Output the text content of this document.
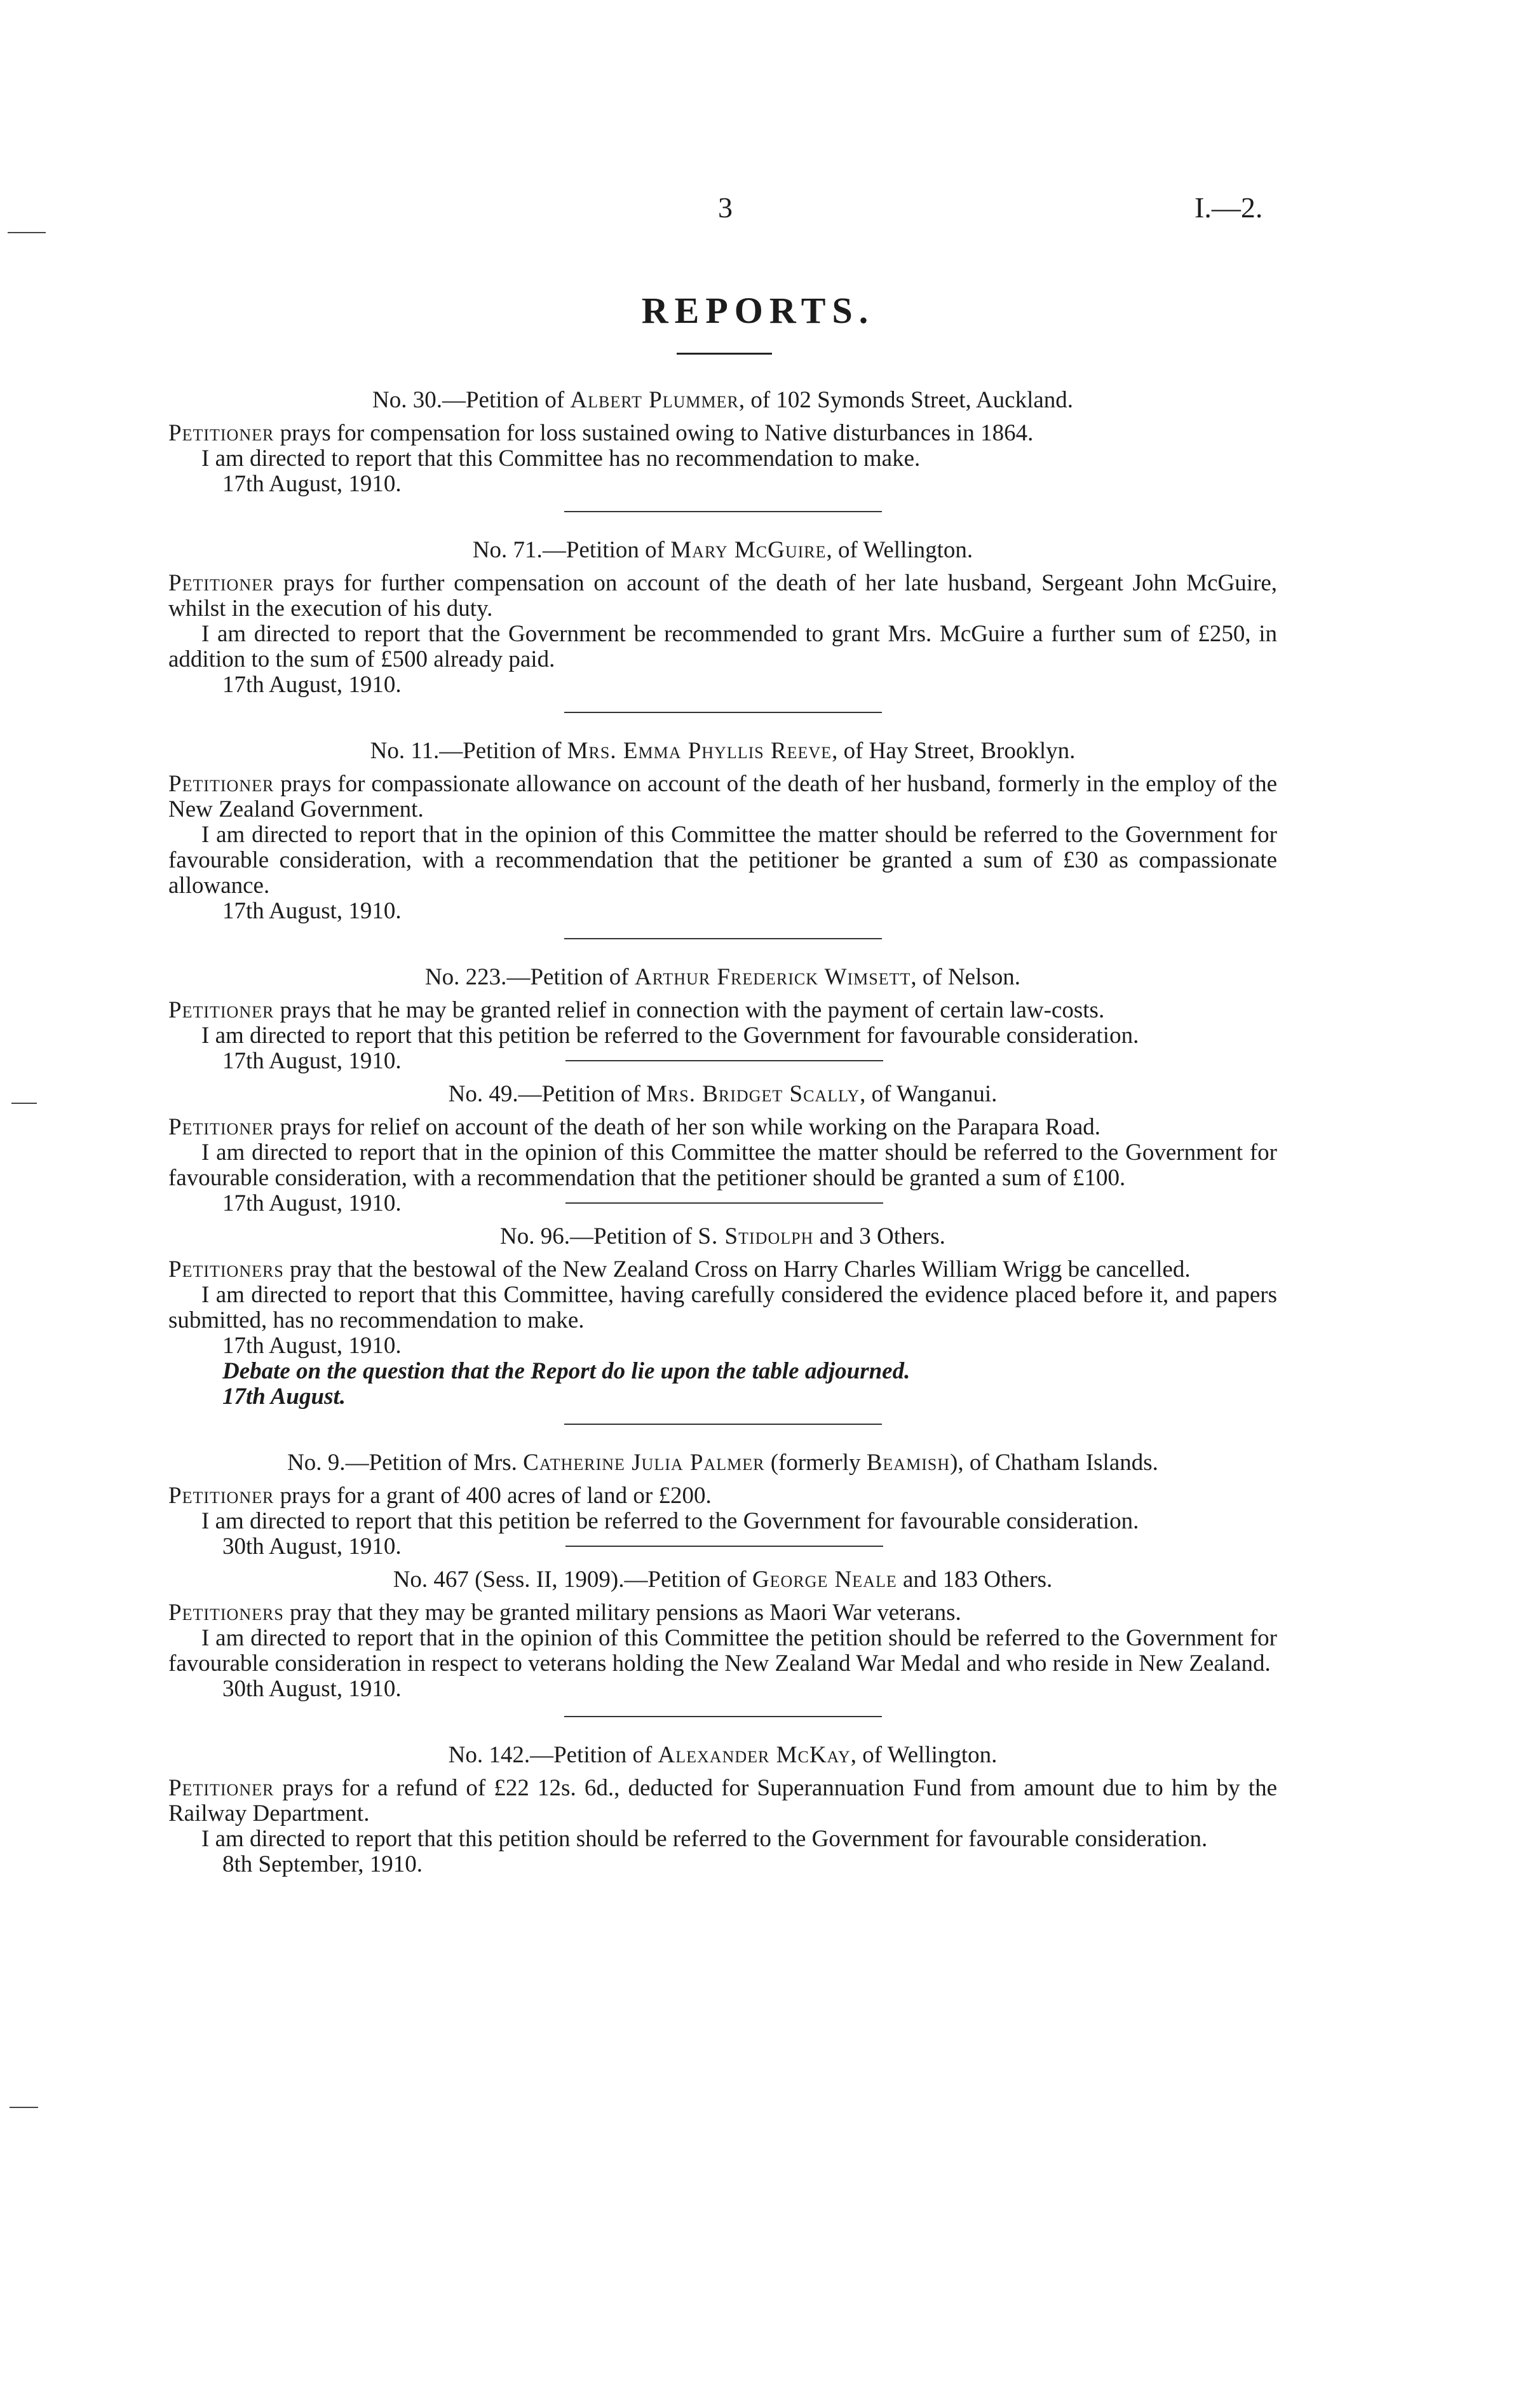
3	I.—2.
REPORTS.
No. 30.—Petition of Albert Plummer, of 102 Symonds Street, Auckland.

Petitioner prays for compensation for loss sustained owing to Native disturbances in 1864.

I am directed to report that this Committee has no recommendation to make.

17th August, 1910.

No. 71.—Petition of Mary McGuire, of Wellington.

Petitioner prays for further compensation on account of the death of her late husband, Sergeant John McGuire, whilst in the execution of his duty.

I am directed to report that the Government be recommended to grant Mrs. McGuire a further sum of £250, in addition to the sum of £500 already paid.

17th August, 1910.

No. 11.—Petition of Mrs. Emma Phyllis Reeve, of Hay Street, Brooklyn.

Petitioner prays for compassionate allowance on account of the death of her husband, formerly in the employ of the New Zealand Government.

I am directed to report that in the opinion of this Committee the matter should be referred to the Government for favourable consideration, with a recommendation that the petitioner be granted a sum of £30 as compassionate allowance.

17th August, 1910.

No. 223.—Petition of Arthur Frederick Wimsett, of Nelson.

Petitioner prays that he may be granted relief in connection with the payment of certain law-costs.

I am directed to report that this petition be referred to the Government for favourable consideration.

17th August, 1910.

No. 49.—Petition of Mrs. Bridget Scally, of Wanganui.

Petitioner prays for relief on account of the death of her son while working on the Parapara Road.

I am directed to report that in the opinion of this Committee the matter should be referred to the Government for favourable consideration, with a recommendation that the petitioner should be granted a sum of £100.

17th August, 1910.

No. 96.—Petition of S. Stidolph and 3 Others.

Petitioners pray that the bestowal of the New Zealand Cross on Harry Charles William Wrigg be cancelled.

I am directed to report that this Committee, having carefully considered the evidence placed before it, and papers submitted, has no recommendation to make.

17th August, 1910.

Debate on the question that the Report do lie upon the table adjourned.

17th August.

No. 9.—Petition of Mrs. Catherine Julia Palmer (formerly Beamish), of Chatham Islands.

Petitioner prays for a grant of 400 acres of land or £200.

I am directed to report that this petition be referred to the Government for favourable consideration.

30th August, 1910.

No. 467 (Sess. II, 1909).—Petition of George Neale and 183 Others.

Petitioners pray that they may be granted military pensions as Maori War veterans.

I am directed to report that in the opinion of this Committee the petition should be referred to the Government for favourable consideration in respect to veterans holding the New Zealand War Medal and who reside in New Zealand.

30th August, 1910.

No. 142.—Petition of Alexander McKay, of Wellington.

Petitioner prays for a refund of £22 12s. 6d., deducted for Superannuation Fund from amount due to him by the Railway Department.

I am directed to report that this petition should be referred to the Government for favourable consideration.

8th September, 1910.
